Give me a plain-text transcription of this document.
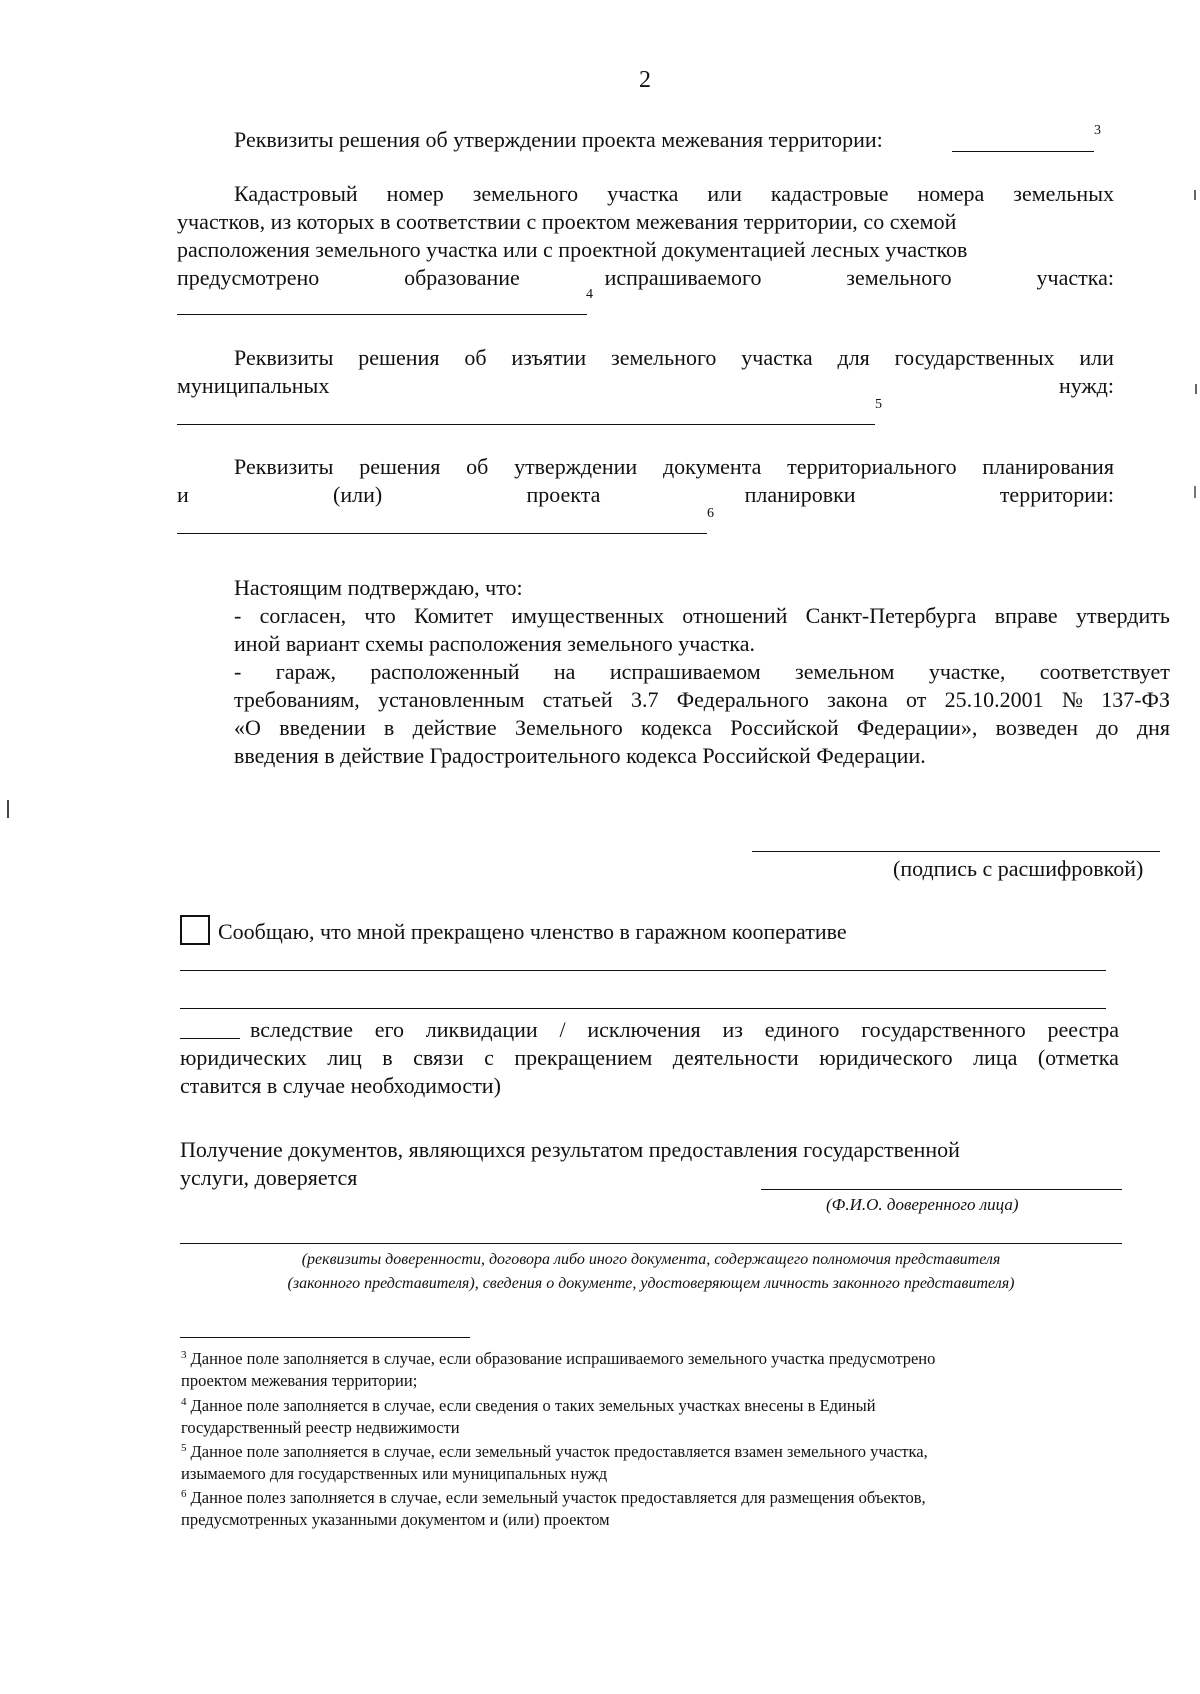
2
Реквизиты решения об утверждении проекта межевания территории:	3
Кадастровый номер земельного участка или кадастровые номера земельных
участков, из которых в соответствии с проектом межевания территории, со схемой
расположения земельного участка или с проектной документацией лесных участков
предусмотрено	образование	испрашиваемого	земельного	участка:
4
Реквизиты решения об изъятии земельного участка для государственных или
муниципальных	нужд:
5
Реквизиты решения об утверждении документа территориального планирования
и	(или)	проекта	планировки	территории:
6
Настоящим подтверждаю, что:
- согласен, что Комитет имущественных отношений Санкт-Петербурга вправе утвердить
иной вариант схемы расположения земельного участка.
- гараж, расположенный на испрашиваемом земельном участке, соответствует
требованиям, установленным статьей 3.7 Федерального закона от 25.10.2001 № 137-ФЗ
«О введении в действие Земельного кодекса Российской Федерации», возведен до дня
введения в действие Градостроительного кодекса Российской Федерации.
(подпись с расшифровкой)
Сообщаю, что мной прекращено членство в гаражном кооперативе
вследствие его ликвидации / исключения из единого государственного реестра
юридических лиц в связи с прекращением деятельности юридического лица (отметка
ставится в случае необходимости)
Получение документов, являющихся результатом предоставления государственной
услуги, доверяется
(Ф.И.О. доверенного лица)
(реквизиты доверенности, договора либо иного документа, содержащего полномочия представителя
(законного представителя), сведения о документе, удостоверяющем личность законного представителя)
$^3$ Данное поле заполняется в случае, если образование испрашиваемого земельного участка предусмотрено
проектом межевания территории;
$^4$ Данное поле заполняется в случае, если сведения о таких земельных участках внесены в Единый
государственный реестр недвижимости
$^5$ Данное поле заполняется в случае, если земельный участок предоставляется взамен земельного участка,
изымаемого для государственных или муниципальных нужд
$^6$ Данное полез заполняется в случае, если земельный участок предоставляется для размещения объектов,
предусмотренных указанными документом и (или) проектом
